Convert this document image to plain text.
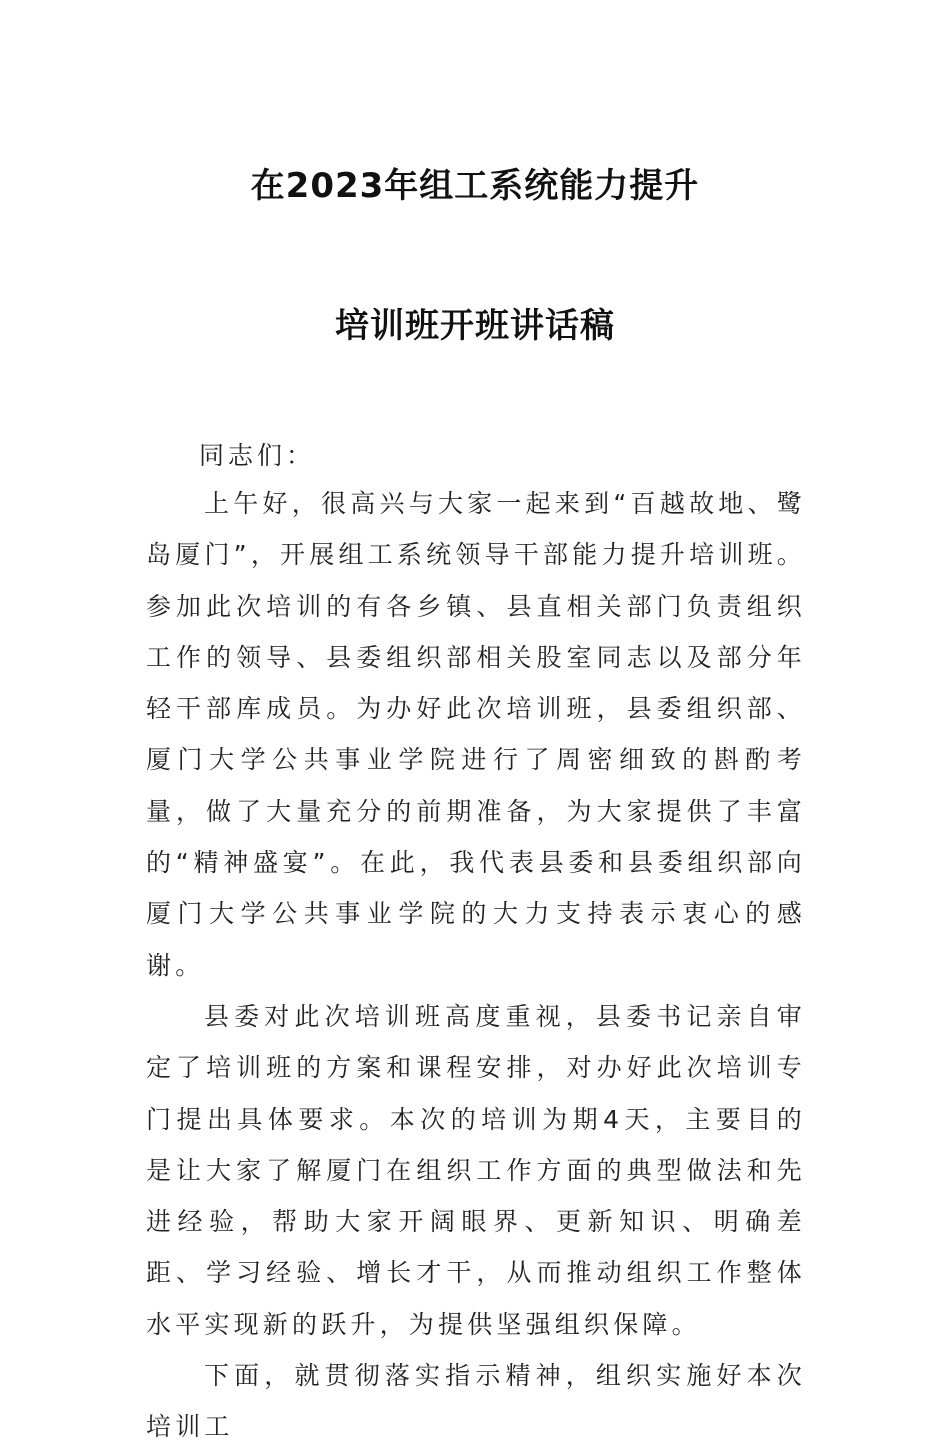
在2023年组工系统能力提升
培训班开班讲话稿
同志们：

上午好，很高兴与大家一起来到“百越故地、鹭岛厦门”，开展组工系统领导干部能力提升培训班。参加此次培训的有各乡镇、县直相关部门负责组织工作的领导、县委组织部相关股室同志以及部分年轻干部库成员。为办好此次培训班，县委组织部、厦门大学公共事业学院进行了周密细致的斟酌考量，做了大量充分的前期准备，为大家提供了丰富的“精神盛宴”。在此，我代表县委和县委组织部向厦门大学公共事业学院的大力支持表示衷心的感谢。

县委对此次培训班高度重视，县委书记亲自审定了培训班的方案和课程安排，对办好此次培训专门提出具体要求。本次的培训为期4天，主要目的是让大家了解厦门在组织工作方面的典型做法和先进经验，帮助大家开阔眼界、更新知识、明确差距、学习经验、增长才干，从而推动组织工作整体水平实现新的跃升，为提供坚强组织保障。

下面，就贯彻落实指示精神，组织实施好本次培训工
